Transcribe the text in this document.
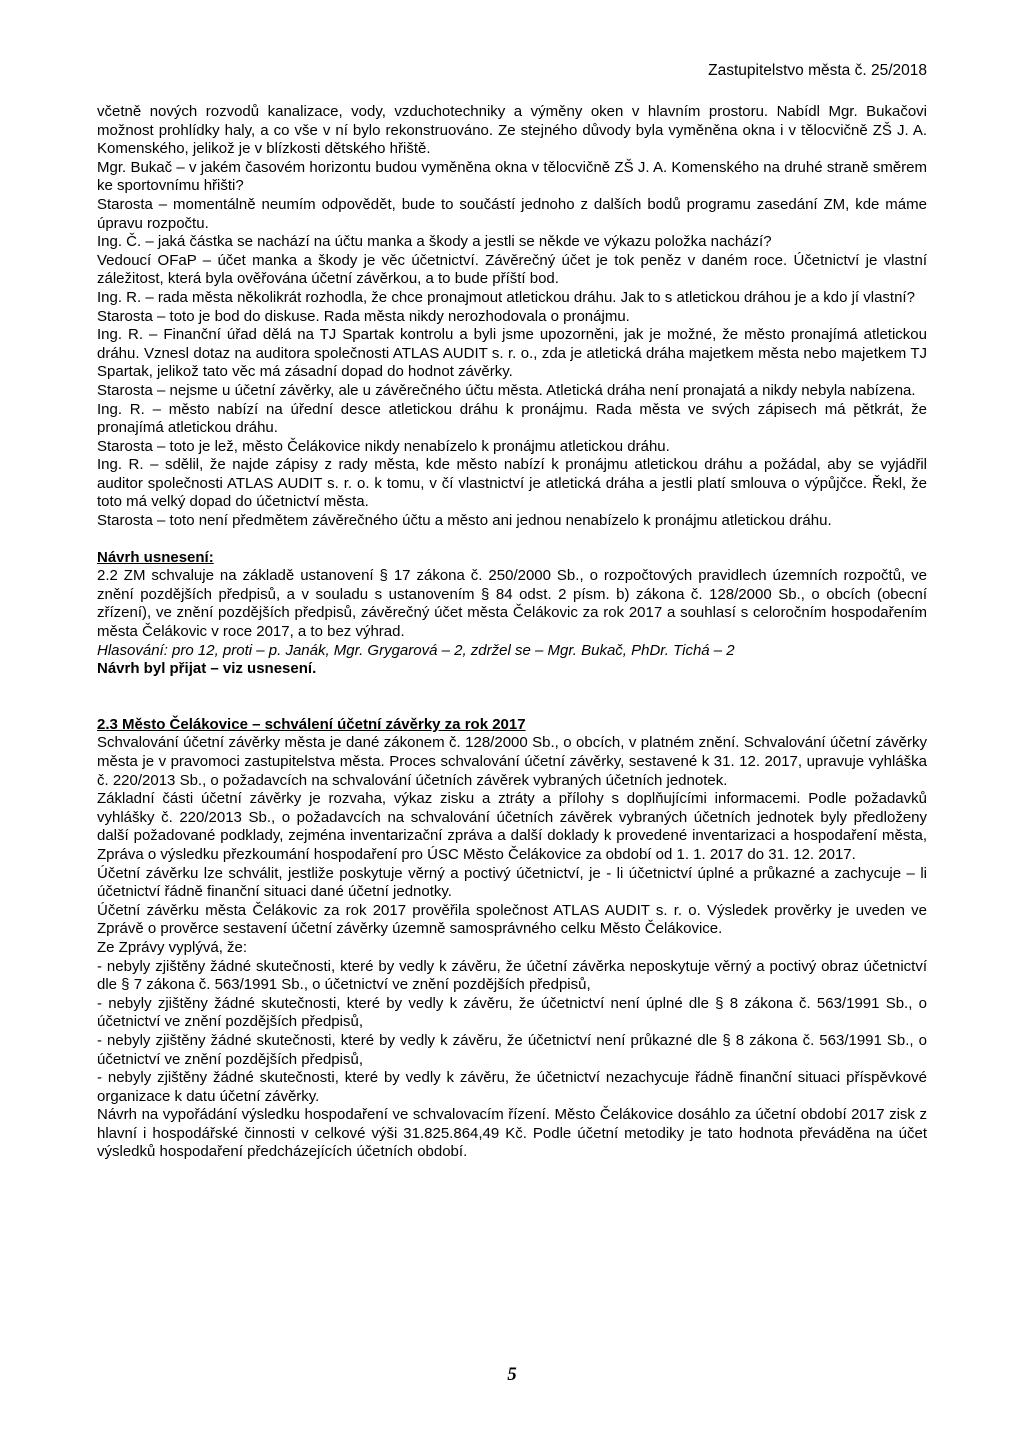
Zastupitelstvo města č. 25/2018

včetně nových rozvodů kanalizace, vody, vzduchotechniky a výměny oken v hlavním prostoru. Nabídl Mgr. Bukačovi možnost prohlídky haly, a co vše v ní bylo rekonstruováno. Ze stejného důvody byla vyměněna okna i v tělocvičně ZŠ J. A. Komenského, jelikož je v blízkosti dětského hřiště.

Mgr. Bukač – v jakém časovém horizontu budou vyměněna okna v tělocvičně ZŠ J. A. Komenského na druhé straně směrem ke sportovnímu hřišti?

Starosta – momentálně neumím odpovědět, bude to součástí jednoho z dalších bodů programu zasedání ZM, kde máme úpravu rozpočtu.

Ing. Č. – jaká částka se nachází na účtu manka a škody a jestli se někde ve výkazu položka nachází?

Vedoucí OFaP – účet manka a škody je věc účetnictví. Závěrečný účet je tok peněz v daném roce. Účetnictví je vlastní záležitost, která byla ověřována účetní závěrkou, a to bude příští bod.

Ing. R. – rada města několikrát rozhodla, že chce pronajmout atletickou dráhu. Jak to s atletickou dráhou je a kdo jí vlastní?

Starosta – toto je bod do diskuse. Rada města nikdy nerozhodovala o pronájmu.

Ing. R. – Finanční úřad dělá na TJ Spartak kontrolu a byli jsme upozorněni, jak je možné, že město pronajímá atletickou dráhu. Vznesl dotaz na auditora společnosti ATLAS AUDIT s. r. o., zda je atletická dráha majetkem města nebo majetkem TJ Spartak, jelikož tato věc má zásadní dopad do hodnot závěrky.

Starosta – nejsme u účetní závěrky, ale u závěrečného účtu města. Atletická dráha není pronajatá a nikdy nebyla nabízena.

Ing. R. – město nabízí na úřední desce atletickou dráhu k pronájmu. Rada města ve svých zápisech má pětkrát, že pronajímá atletickou dráhu.

Starosta – toto je lež, město Čelákovice nikdy nenabízelo k pronájmu atletickou dráhu.

Ing. R. – sdělil, že najde zápisy z rady města, kde město nabízí k pronájmu atletickou dráhu a požádal, aby se vyjádřil auditor společnosti ATLAS AUDIT s. r. o. k tomu, v čí vlastnictví je atletická dráha a jestli platí smlouva o výpůjčce. Řekl, že toto má velký dopad do účetnictví města.

Starosta – toto není předmětem závěrečného účtu a město ani jednou nenabízelo k pronájmu atletickou dráhu.

Návrh usnesení:

2.2 ZM schvaluje na základě ustanovení § 17 zákona č. 250/2000 Sb., o rozpočtových pravidlech územních rozpočtů, ve znění pozdějších předpisů, a v souladu s ustanovením § 84 odst. 2 písm. b) zákona č. 128/2000 Sb., o obcích (obecní zřízení), ve znění pozdějších předpisů, závěrečný účet města Čelákovic za rok 2017 a souhlasí s celoročním hospodařením města Čelákovic v roce 2017, a to bez výhrad.

Hlasování: pro 12, proti – p. Janák, Mgr. Grygarová – 2, zdržel se – Mgr. Bukač, PhDr. Tichá – 2

Návrh byl přijat – viz usnesení.

2.3 Město Čelákovice – schválení účetní závěrky za rok 2017

Schvalování účetní závěrky města je dané zákonem č. 128/2000 Sb., o obcích, v platném znění. Schvalování účetní závěrky města je v pravomoci zastupitelstva města. Proces schvalování účetní závěrky, sestavené k 31. 12. 2017, upravuje vyhláška č. 220/2013 Sb., o požadavcích na schvalování účetních závěrek vybraných účetních jednotek.

Základní části účetní závěrky je rozvaha, výkaz zisku a ztráty a přílohy s doplňujícími informacemi. Podle požadavků vyhlášky č. 220/2013 Sb., o požadavcích na schvalování účetních závěrek vybraných účetních jednotek byly předloženy další požadované podklady, zejména inventarizační zpráva a další doklady k provedené inventarizaci a hospodaření města, Zpráva o výsledku přezkoumání hospodaření pro ÚSC Město Čelákovice za období od 1. 1. 2017 do 31. 12. 2017.

Účetní závěrku lze schválit, jestliže poskytuje věrný a poctivý účetnictví, je - li účetnictví úplné a průkazné a zachycuje – li účetnictví řádně finanční situaci dané účetní jednotky.

Účetní závěrku města Čelákovic za rok 2017 prověřila společnost ATLAS AUDIT s. r. o. Výsledek prověrky je uveden ve Zprávě o prověrce sestavení účetní závěrky územně samosprávného celku Město Čelákovice.

Ze Zprávy vyplývá, že:

- nebyly zjištěny žádné skutečnosti, které by vedly k závěru, že účetní závěrka neposkytuje věrný a poctivý obraz účetnictví dle § 7 zákona č. 563/1991 Sb., o účetnictví ve znění pozdějších předpisů,

- nebyly zjištěny žádné skutečnosti, které by vedly k závěru, že účetnictví není úplné dle § 8 zákona č. 563/1991 Sb., o účetnictví ve znění pozdějších předpisů,

- nebyly zjištěny žádné skutečnosti, které by vedly k závěru, že účetnictví není průkazné dle § 8 zákona č. 563/1991 Sb., o účetnictví ve znění pozdějších předpisů,

- nebyly zjištěny žádné skutečnosti, které by vedly k závěru, že účetnictví nezachycuje řádně finanční situaci příspěvkové organizace k datu účetní závěrky.

Návrh na vypořádání výsledku hospodaření ve schvalovacím řízení. Město Čelákovice dosáhlo za účetní období 2017 zisk z hlavní i hospodářské činnosti v celkové výši 31.825.864,49 Kč. Podle účetní metodiky je tato hodnota převáděna na účet výsledků hospodaření předcházejících účetních období.

5
